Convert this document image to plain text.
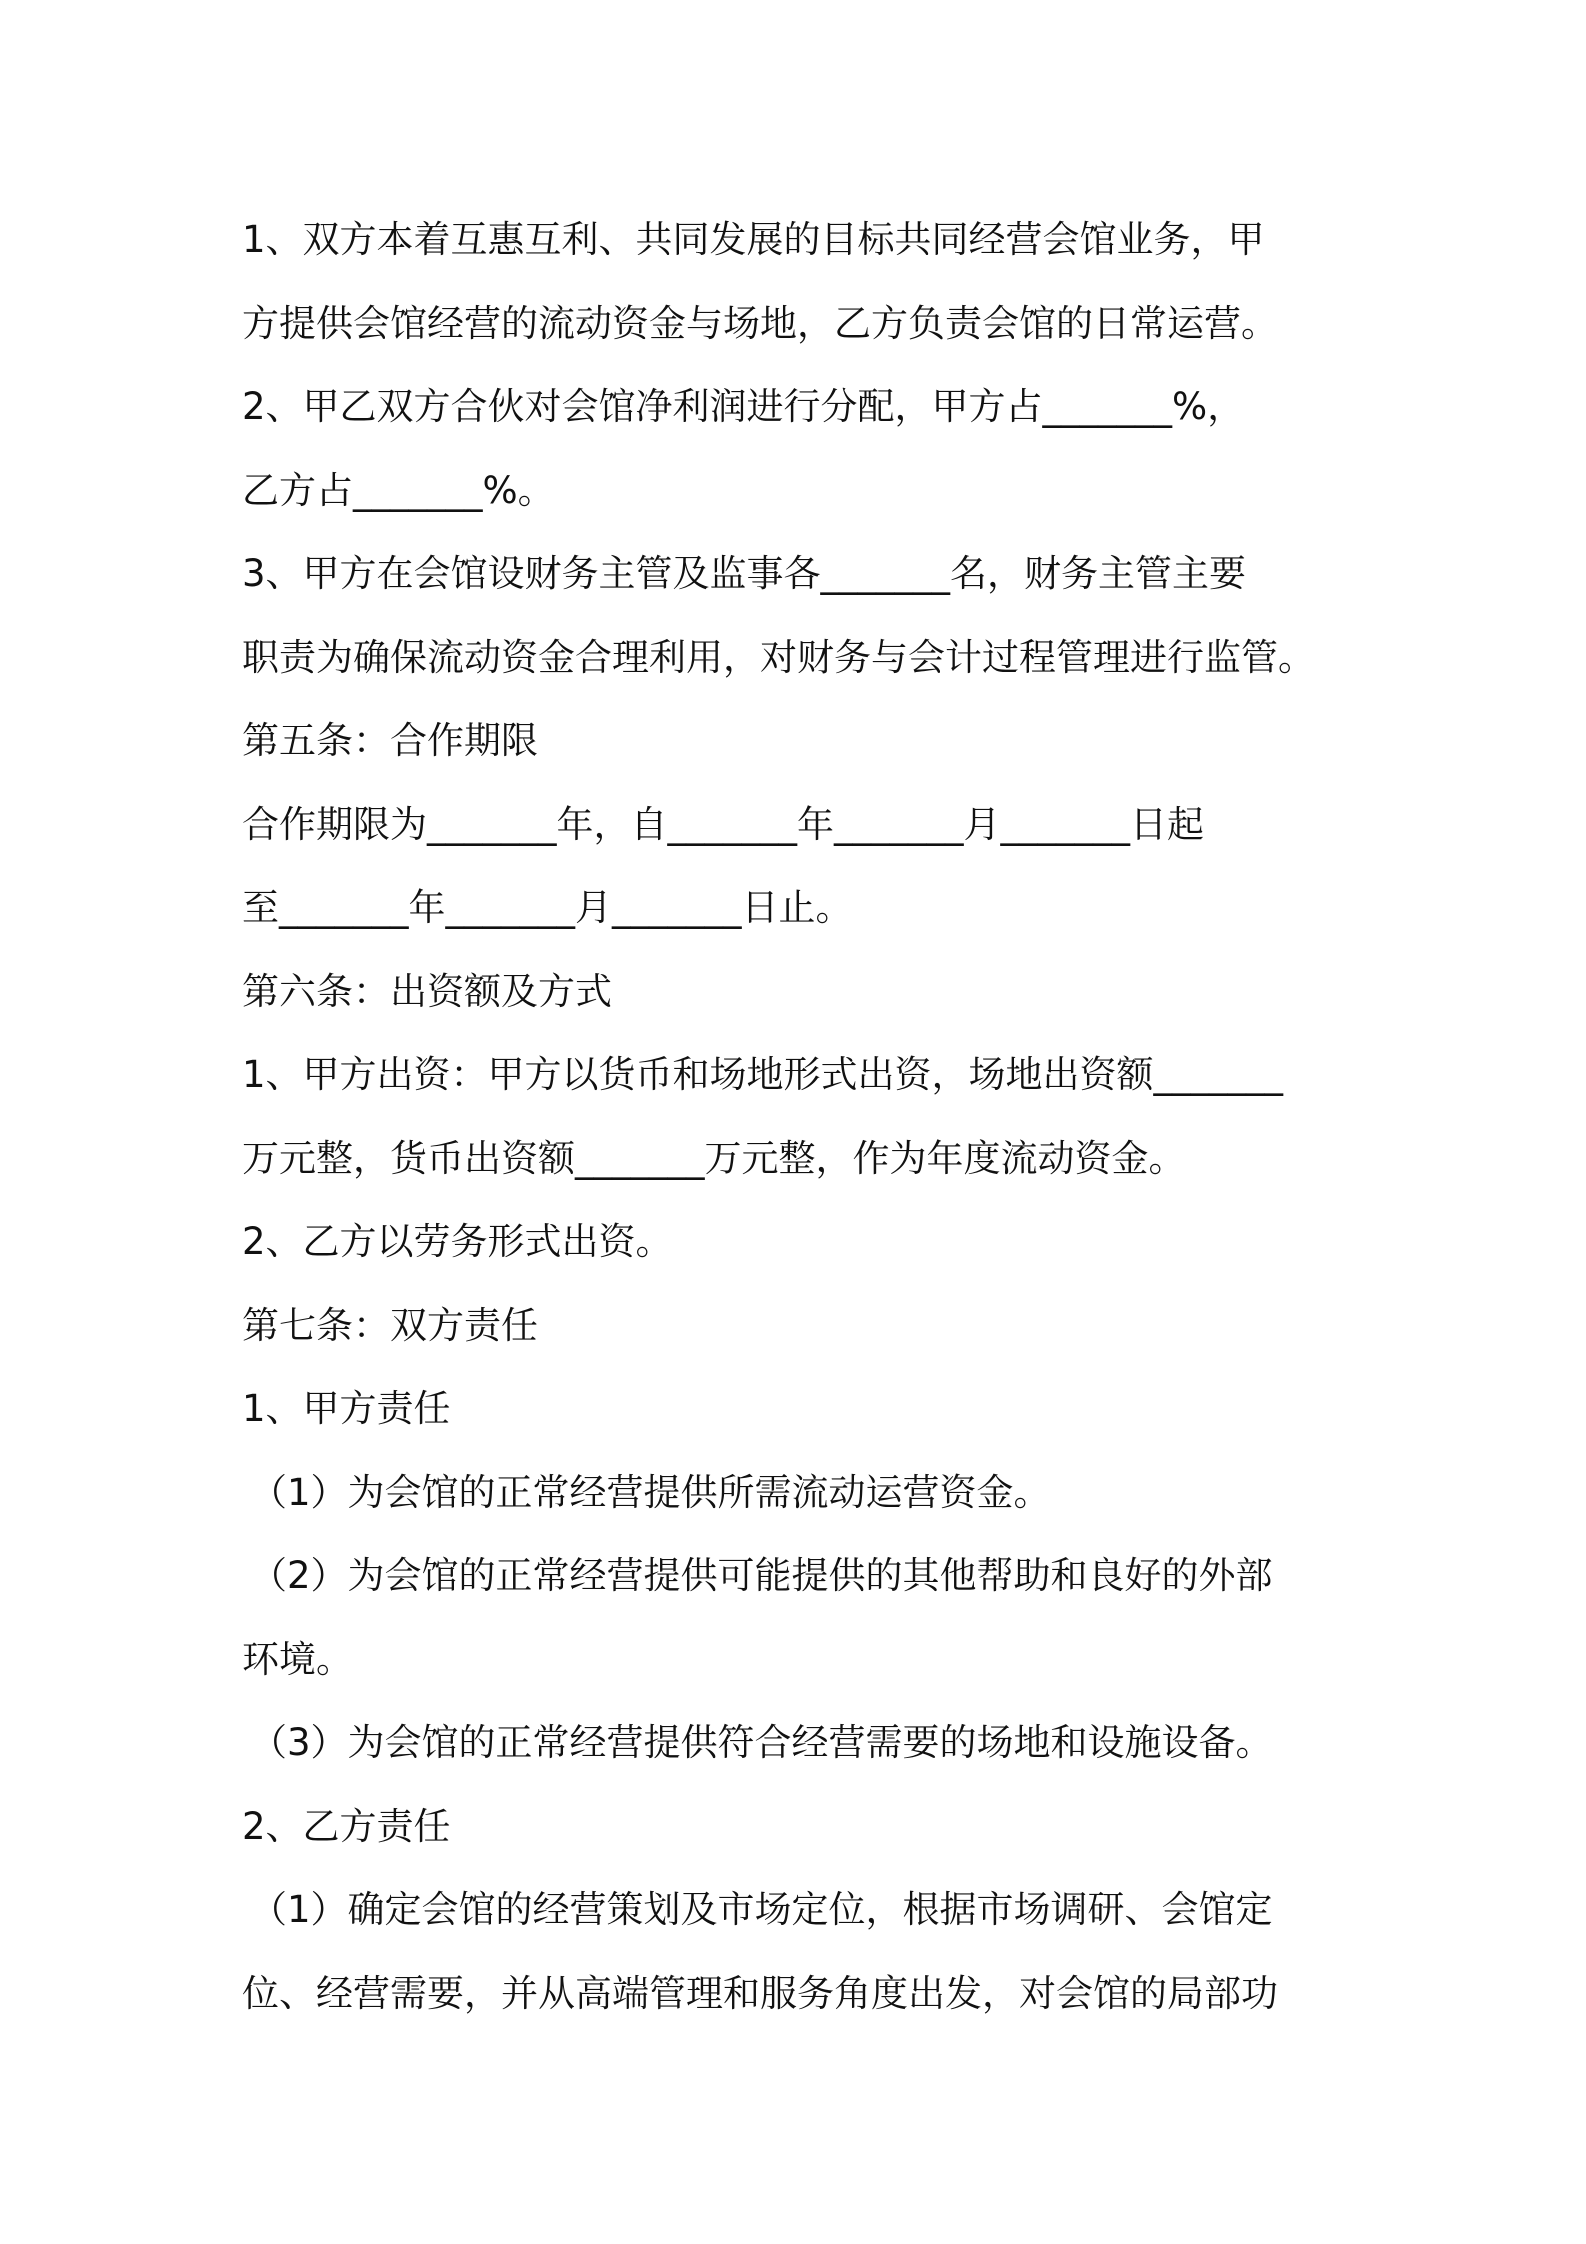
1、双方本着互惠互利、共同发展的目标共同经营会馆业务，甲

方提供会馆经营的流动资金与场地，乙方负责会馆的日常运营。

2、甲乙双方合伙对会馆净利润进行分配，甲方占_______%，

乙方占_______%。

3、甲方在会馆设财务主管及监事各_______名，财务主管主要

职责为确保流动资金合理利用，对财务与会计过程管理进行监管。

第五条：合作期限

合作期限为_______年，自_______年_______月_______日起

至_______年_______月_______日止。

第六条：出资额及方式

1、甲方出资：甲方以货币和场地形式出资，场地出资额_______

万元整，货币出资额_______万元整，作为年度流动资金。

2、乙方以劳务形式出资。

第七条：双方责任

1、甲方责任

（1）为会馆的正常经营提供所需流动运营资金。

（2）为会馆的正常经营提供可能提供的其他帮助和良好的外部

环境。

（3）为会馆的正常经营提供符合经营需要的场地和设施设备。

2、乙方责任

（1）确定会馆的经营策划及市场定位，根据市场调研、会馆定

位、经营需要，并从高端管理和服务角度出发，对会馆的局部功
